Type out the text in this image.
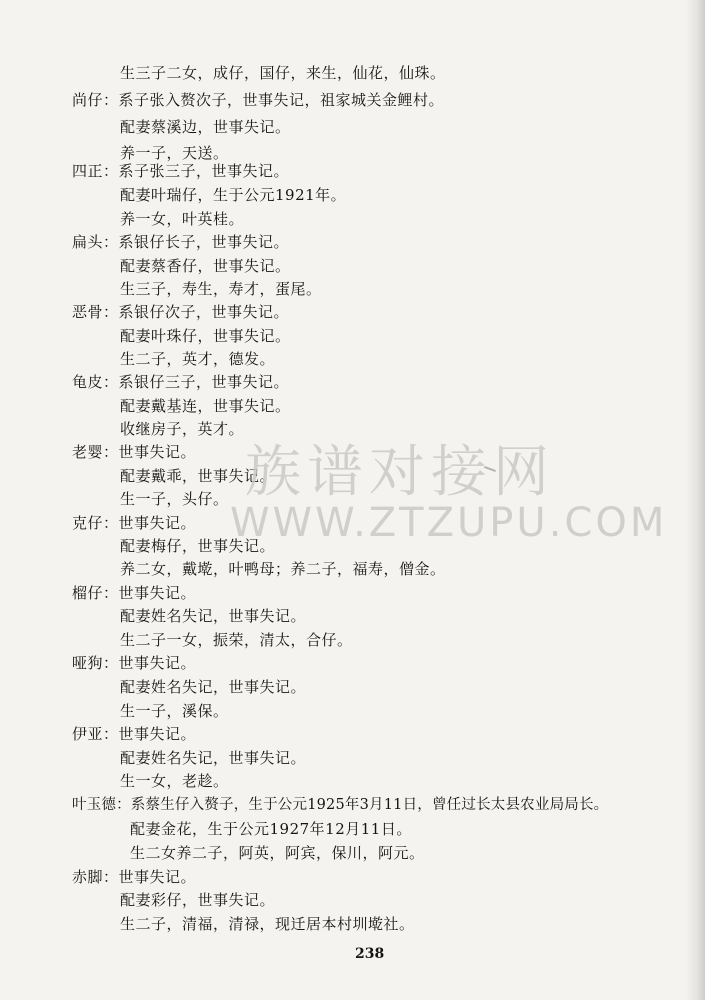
生三子二女，成仔，国仔，来生，仙花，仙珠。
尚仔：系子张入赘次子，世事失记，祖家城关金鲤村。
配妻蔡溪边，世事失记。
养一子，天送。
四正：系子张三子，世事失记。
配妻叶瑞仔，生于公元1921年。
养一女，叶英桂。
扁头：系银仔长子，世事失记。
配妻蔡香仔，世事失记。
生三子，寿生，寿才，蛋尾。
恶骨：系银仔次子，世事失记。
配妻叶珠仔，世事失记。
生二子，英才，德发。
龟皮：系银仔三子，世事失记。
配妻戴基连，世事失记。
收继房子，英才。
老婴：世事失记。
配妻戴乖，世事失记。
生一子，头仔。
克仔：世事失记。
配妻梅仔，世事失记。
养二女，戴墘，叶鸭母；养二子，福寿，僧金。
榴仔：世事失记。
配妻姓名失记，世事失记。
生二子一女，振荣，清太，合仔。
哑狗：世事失记。
配妻姓名失记，世事失记。
生一子，溪保。
伊亚：世事失记。
配妻姓名失记，世事失记。
生一女，老趁。
叶玉德：系蔡生仔入赘子，生于公元1925年3月11日，曾任过长太县农业局局长。
配妻金花，生于公元1927年12月11日。
生二女养二子，阿英，阿宾，保川，阿元。
赤脚：世事失记。
配妻彩仔，世事失记。
生二子，清福，清禄，现迁居本村圳墘社。
族谱对接网
WWW.ZTZUPU.COM
238
